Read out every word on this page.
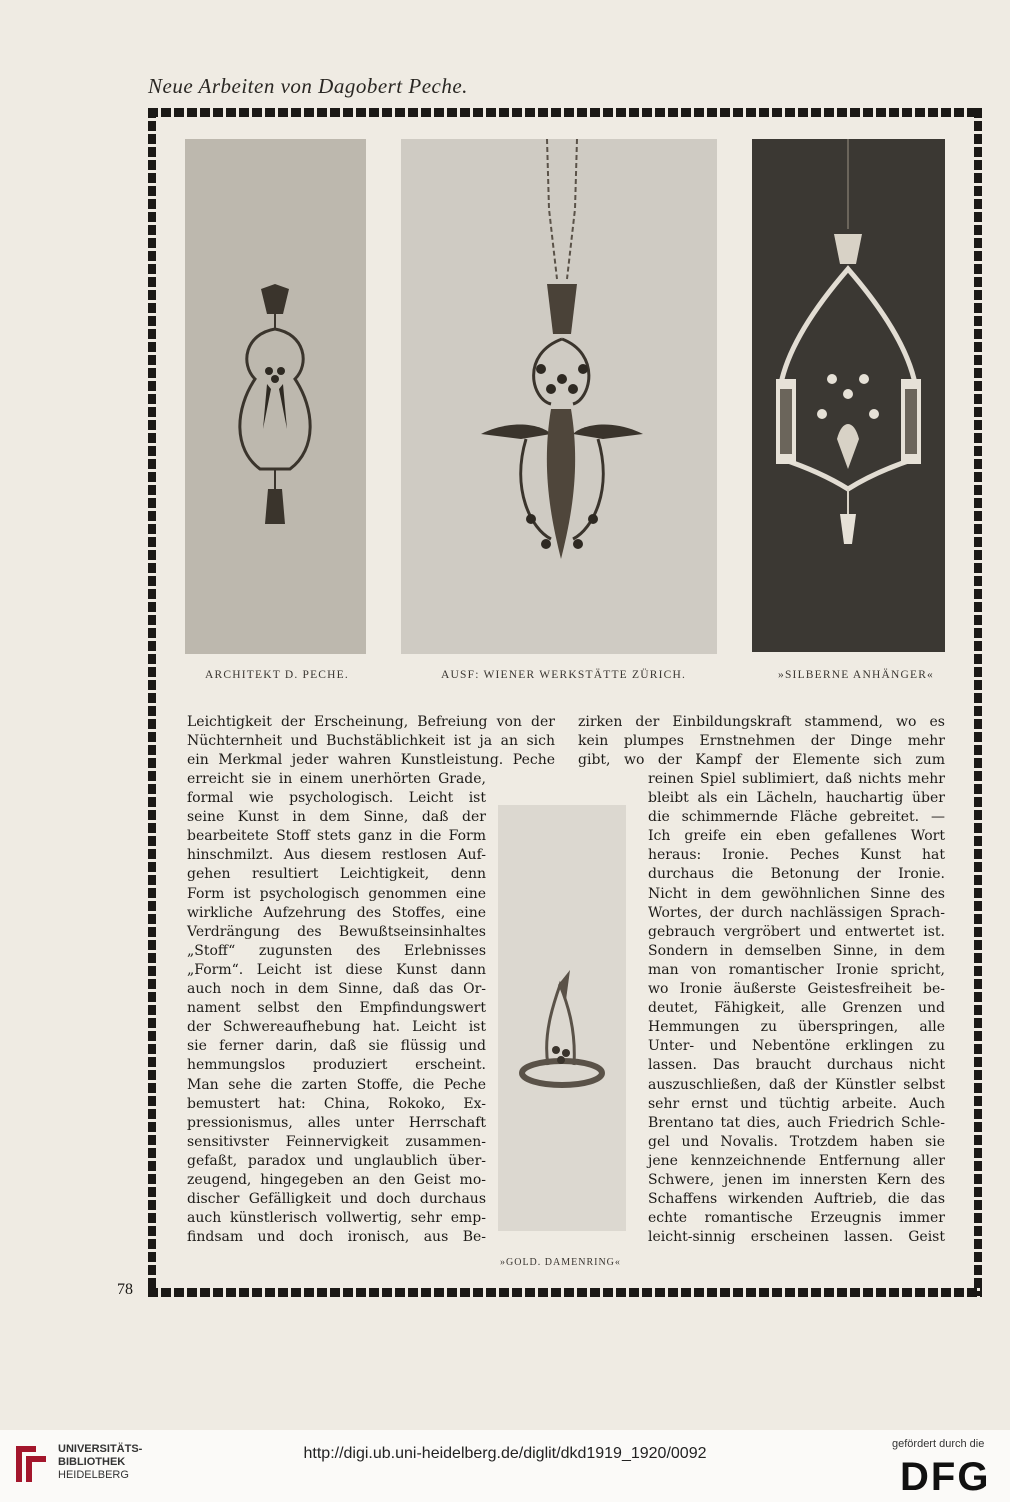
Neue Arbeiten von Dagobert Peche.
ARCHITEKT D. PECHE.	AUSF: WIENER WERKSTÄTTE ZÜRICH.	»SILBERNE ANHÄNGER«
»GOLD. DAMENRING«
Leichtigkeit der Erscheinung, Befreiung von der
Nüchternheit und Buchstäblichkeit ist ja an sich
ein Merkmal jeder wahren Kunstleistung. Peche
erreicht sie in einem unerhörten Grade,
formal wie psychologisch. Leicht ist
seine Kunst in dem Sinne, daß der
bearbeitete Stoff stets ganz in die Form
hinschmilzt. Aus diesem restlosen Auf-
gehen resultiert Leichtigkeit, denn
Form ist psychologisch genommen eine
wirkliche Aufzehrung des Stoffes, eine
Verdrängung des Bewußtseinsinhaltes
„Stoff“ zugunsten des Erlebnisses
„Form“. Leicht ist diese Kunst dann
auch noch in dem Sinne, daß das Or-
nament selbst den Empfindungswert
der Schwereaufhebung hat. Leicht ist
sie ferner darin, daß sie flüssig und
hemmungslos produziert erscheint.
Man sehe die zarten Stoffe, die Peche
bemustert hat: China, Rokoko, Ex-
pressionismus, alles unter Herrschaft
sensitivster Feinnervigkeit zusammen-
gefaßt, paradox und unglaublich über-
zeugend, hingegeben an den Geist mo-
discher Gefälligkeit und doch durchaus
auch künstlerisch vollwertig, sehr emp-
findsam und doch ironisch, aus Be-
zirken der Einbildungskraft stammend, wo es
kein plumpes Ernstnehmen der Dinge mehr
gibt, wo der Kampf der Elemente sich zum
reinen Spiel sublimiert, daß nichts mehr
bleibt als ein Lächeln, hauchartig über
die schimmernde Fläche gebreitet. —
Ich greife ein eben gefallenes Wort
heraus: Ironie. Peches Kunst hat
durchaus die Betonung der Ironie.
Nicht in dem gewöhnlichen Sinne des
Wortes, der durch nachlässigen Sprach-
gebrauch vergröbert und entwertet ist.
Sondern in demselben Sinne, in dem
man von romantischer Ironie spricht,
wo Ironie äußerste Geistesfreiheit be-
deutet, Fähigkeit, alle Grenzen und
Hemmungen zu überspringen, alle
Unter- und Nebentöne erklingen zu
lassen. Das braucht durchaus nicht
auszuschließen, daß der Künstler selbst
sehr ernst und tüchtig arbeite. Auch
Brentano tat dies, auch Friedrich Schle-
gel und Novalis. Trotzdem haben sie
jene kennzeichnende Entfernung aller
Schwere, jenen im innersten Kern des
Schaffens wirkenden Auftrieb, die das
echte romantische Erzeugnis immer
leicht-sinnig erscheinen lassen. Geist
78
UNIVERSITÄTS-
BIBLIOTHEK
HEIDELBERG
http://digi.ub.uni-heidelberg.de/diglit/dkd1919_1920/0092
gefördert durch die
DFG
